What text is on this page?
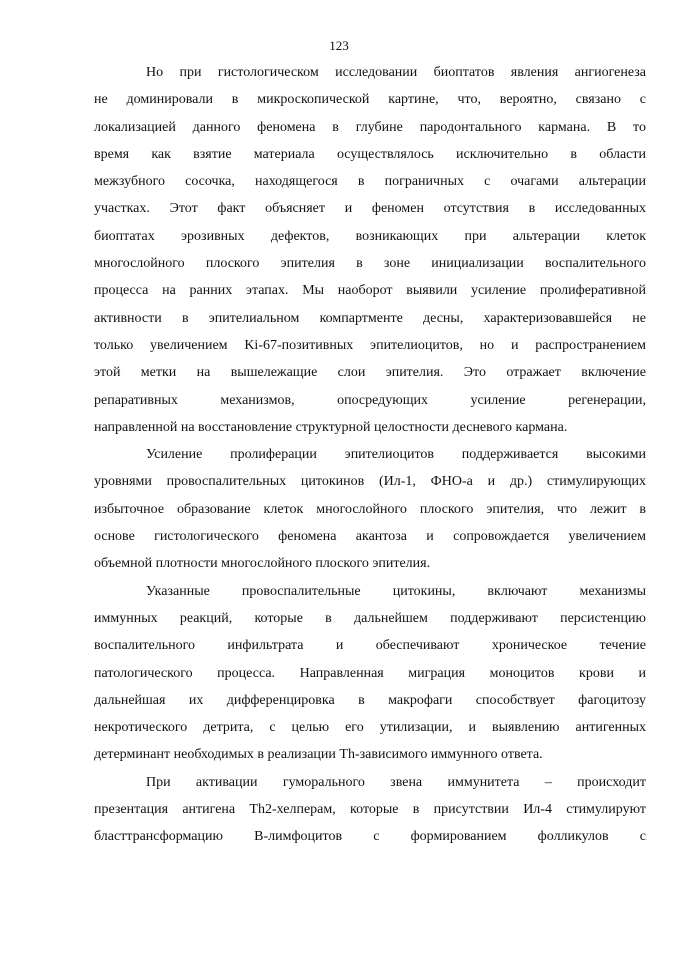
123
Но при гистологическом исследовании биоптатов явления ангиогенеза
не доминировали в микроскопической картине, что, вероятно, связано с
локализацией данного феномена в глубине пародонтального кармана. В то
время как взятие материала осуществлялось исключительно в области
межзубного сосочка, находящегося в пограничных с очагами альтерации
участках. Этот факт объясняет и феномен отсутствия в исследованных
биоптатах эрозивных дефектов, возникающих при альтерации клеток
многослойного плоского эпителия в зоне инициализации воспалительного
процесса на ранних этапах. Мы наоборот выявили усиление пролиферативной
активности в эпителиальном компартменте десны, характеризовавшейся не
только увеличением Ki-67-позитивных эпителиоцитов, но и распространением
этой метки на вышележащие слои эпителия. Это отражает включение
репаративных механизмов, опосредующих усиление регенерации,
направленной на восстановление структурной целостности десневого кармана.
Усиление пролиферации эпителиоцитов поддерживается высокими
уровнями провоспалительных цитокинов (Ил-1, ФНО-а и др.) стимулирующих
избыточное образование клеток многослойного плоского эпителия, что лежит в
основе гистологического феномена акантоза и сопровождается увеличением
объемной плотности многослойного плоского эпителия.
Указанные провоспалительные цитокины, включают механизмы
иммунных реакций, которые в дальнейшем поддерживают персистенцию
воспалительного инфильтрата и обеспечивают хроническое течение
патологического процесса. Направленная миграция моноцитов крови и
дальнейшая их дифференцировка в макрофаги способствует фагоцитозу
некротического детрита, с целью его утилизации, и выявлению антигенных
детерминант необходимых в реализации Th-зависимого иммунного ответа.
При активации гуморального звена иммунитета – происходит
презентация антигена Th2-хелперам, которые в присутствии Ил-4 стимулируют
бласттрансформацию В-лимфоцитов с формированием фолликулов с
